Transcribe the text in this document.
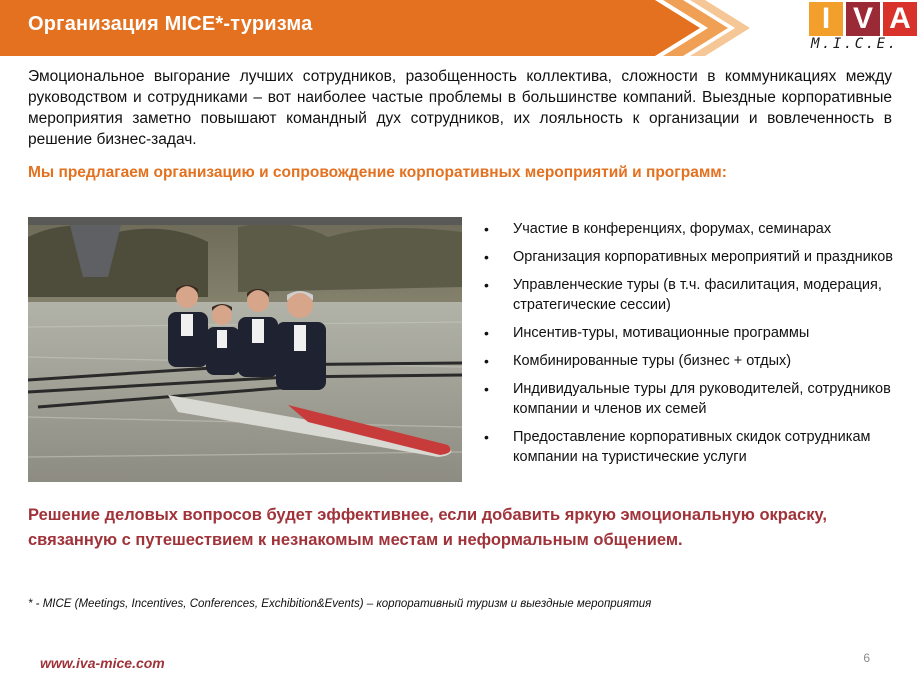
Организация MICE*-туризма	I V A
M.I.C.E.

Эмоциональное выгорание лучших сотрудников, разобщенность коллектива, сложности в коммуникациях между руководством и сотрудниками – вот наиболее частые проблемы в большинстве компаний. Выездные корпоративные мероприятия заметно повышают командный дух сотрудников, их лояльность к организации и вовлеченность в решение бизнес-задач.

Мы предлагаем организацию и сопровождение корпоративных мероприятий и программ:
• Участие в конференциях, форумах, семинарах
• Организация корпоративных мероприятий и праздников
• Управленческие туры (в т.ч. фасилитация, модерация, стратегические сессии)
• Инсентив-туры, мотивационные программы
• Комбинированные туры (бизнес + отдых)
• Индивидуальные туры для руководителей, сотрудников компании и членов их семей
• Предоставление корпоративных скидок сотрудникам компании на туристические услуги

Решение деловых вопросов будет эффективнее, если добавить яркую эмоциональную окраску, связанную с путешествием к незнакомым местам и неформальным общением.

* - MICE (Meetings, Incentives, Conferences, Exchibition&Events) – корпоративный туризм и выездные мероприятия

www.iva-mice.com	6
